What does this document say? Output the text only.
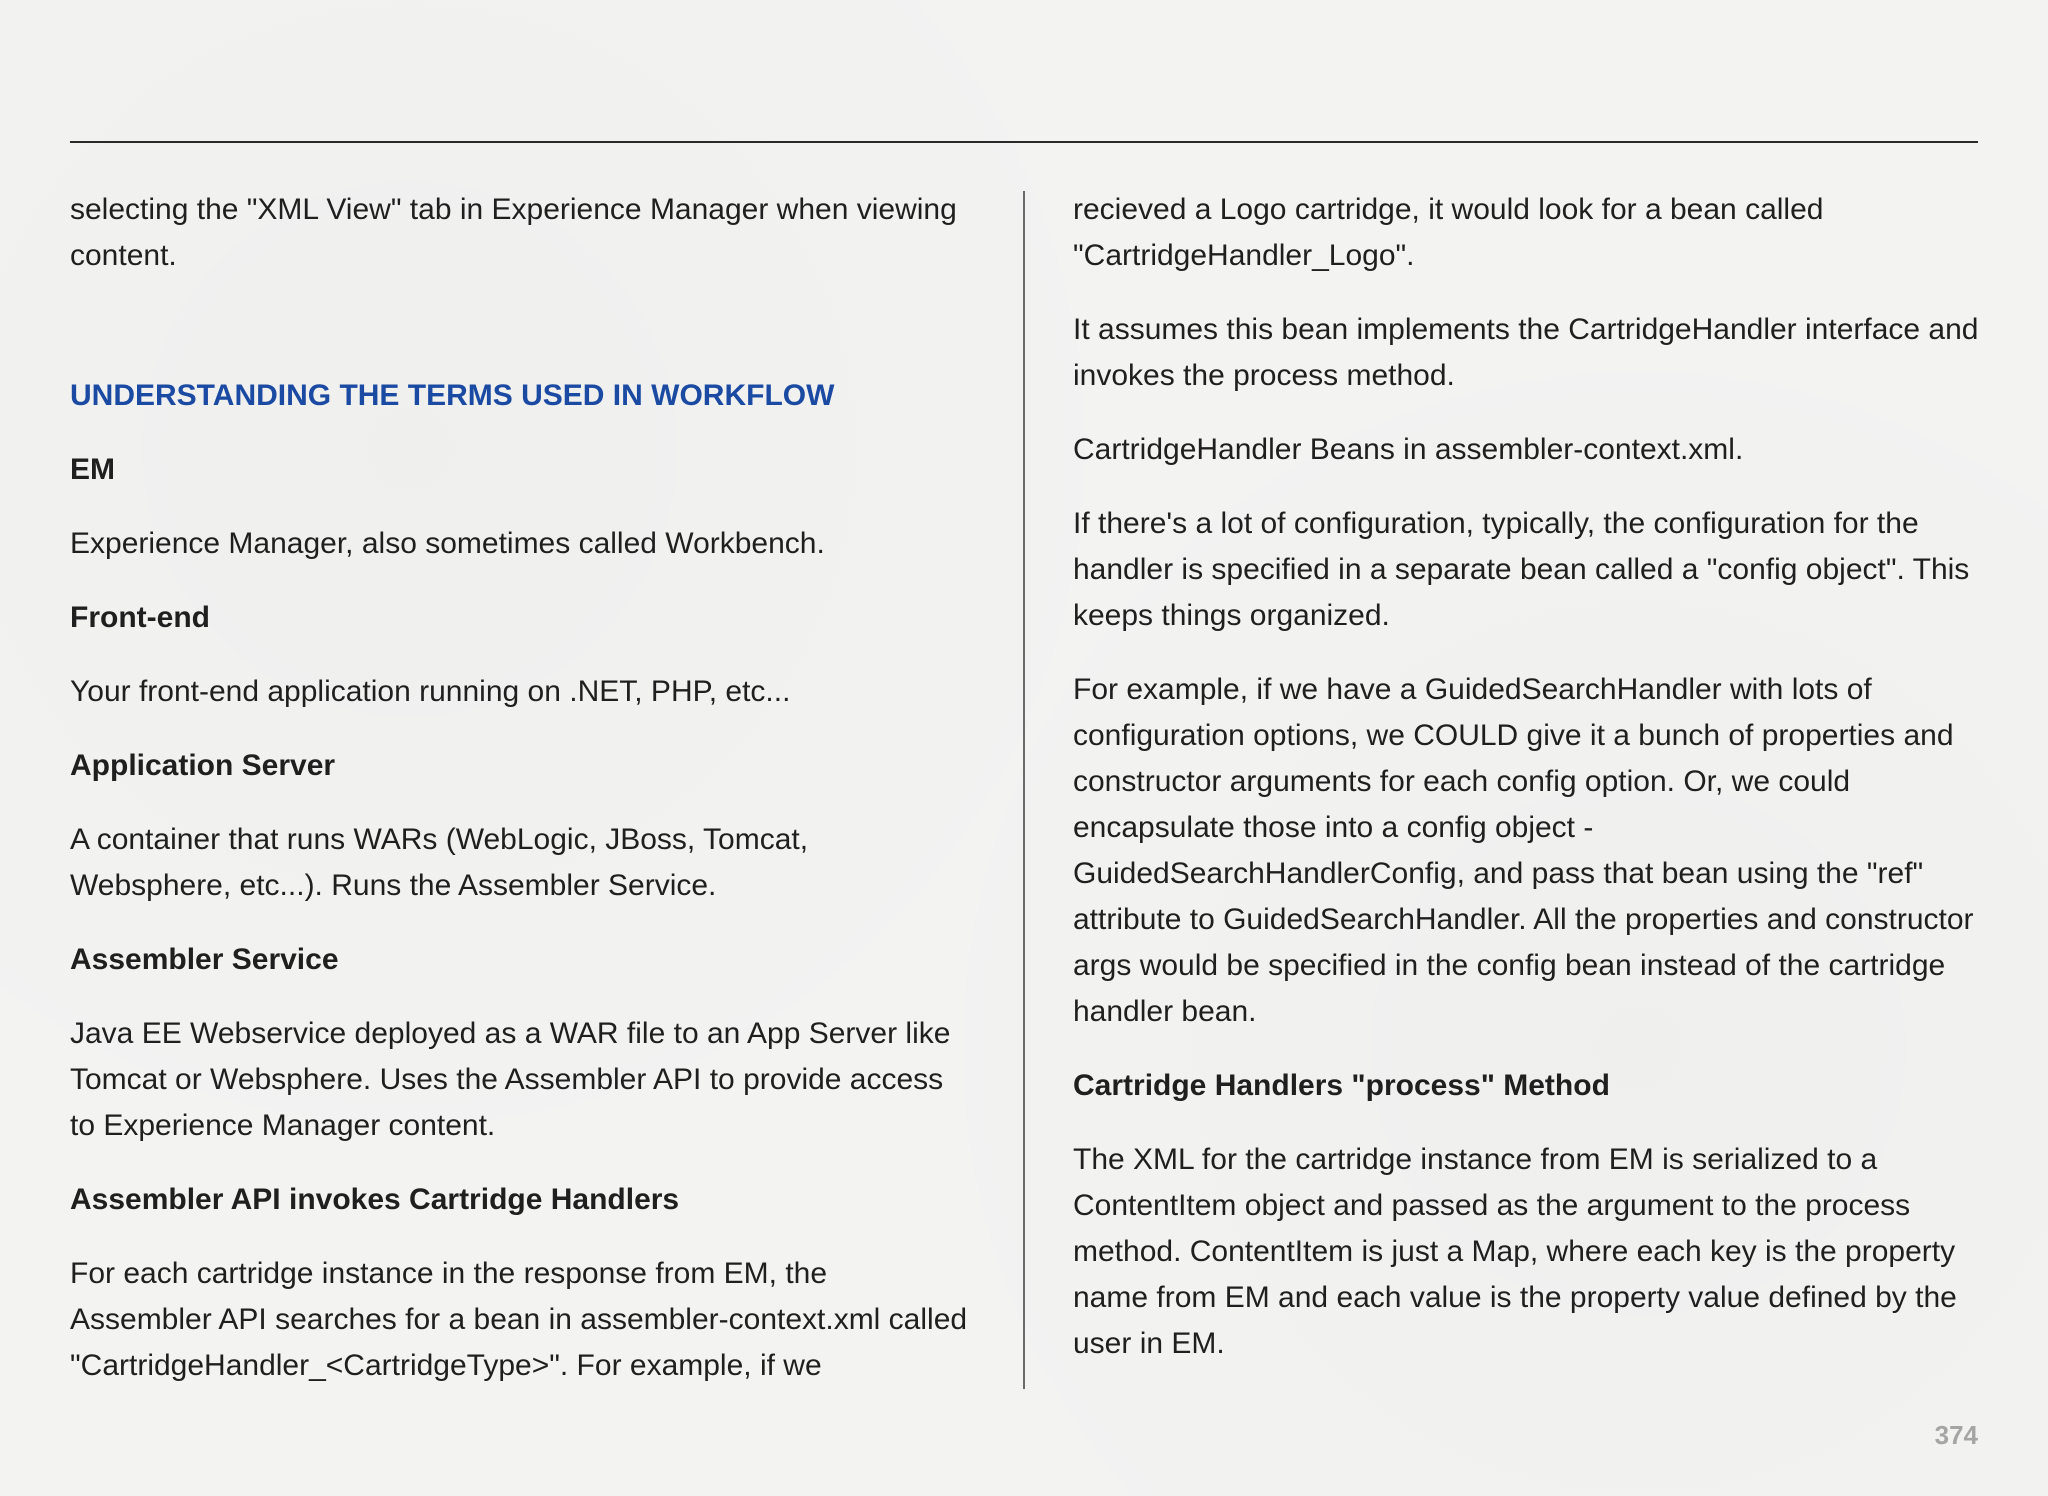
selecting the "XML View" tab in Experience Manager when viewing content.

UNDERSTANDING THE TERMS USED IN WORKFLOW
EM

Experience Manager, also sometimes called Workbench.

Front-end

Your front-end application running on .NET, PHP, etc...

Application Server

A container that runs WARs (WebLogic, JBoss, Tomcat, Websphere, etc...). Runs the Assembler Service.

Assembler Service

Java EE Webservice deployed as a WAR file to an App Server like Tomcat or Websphere. Uses the Assembler API to provide access to Experience Manager content.

Assembler API invokes Cartridge Handlers

For each cartridge instance in the response from EM, the Assembler API searches for a bean in assembler-context.xml called "CartridgeHandler_<CartridgeType>". For example, if we

recieved a Logo cartridge, it would look for a bean called "CartridgeHandler_Logo".

It assumes this bean implements the CartridgeHandler interface and invokes the process method.

CartridgeHandler Beans in assembler-context.xml.

If there's a lot of configuration, typically, the configuration for the handler is specified in a separate bean called a "config object". This keeps things organized.

For example, if we have a GuidedSearchHandler with lots of configuration options, we COULD give it a bunch of properties and constructor arguments for each config option. Or, we could encapsulate those into a config object - GuidedSearchHandlerConfig, and pass that bean using the "ref" attribute to GuidedSearchHandler. All the properties and constructor args would be specified in the config bean instead of the cartridge handler bean.

Cartridge Handlers "process" Method

The XML for the cartridge instance from EM is serialized to a ContentItem object and passed as the argument to the process method. ContentItem is just a Map, where each key is the property name from EM and each value is the property value defined by the user in EM.

374
